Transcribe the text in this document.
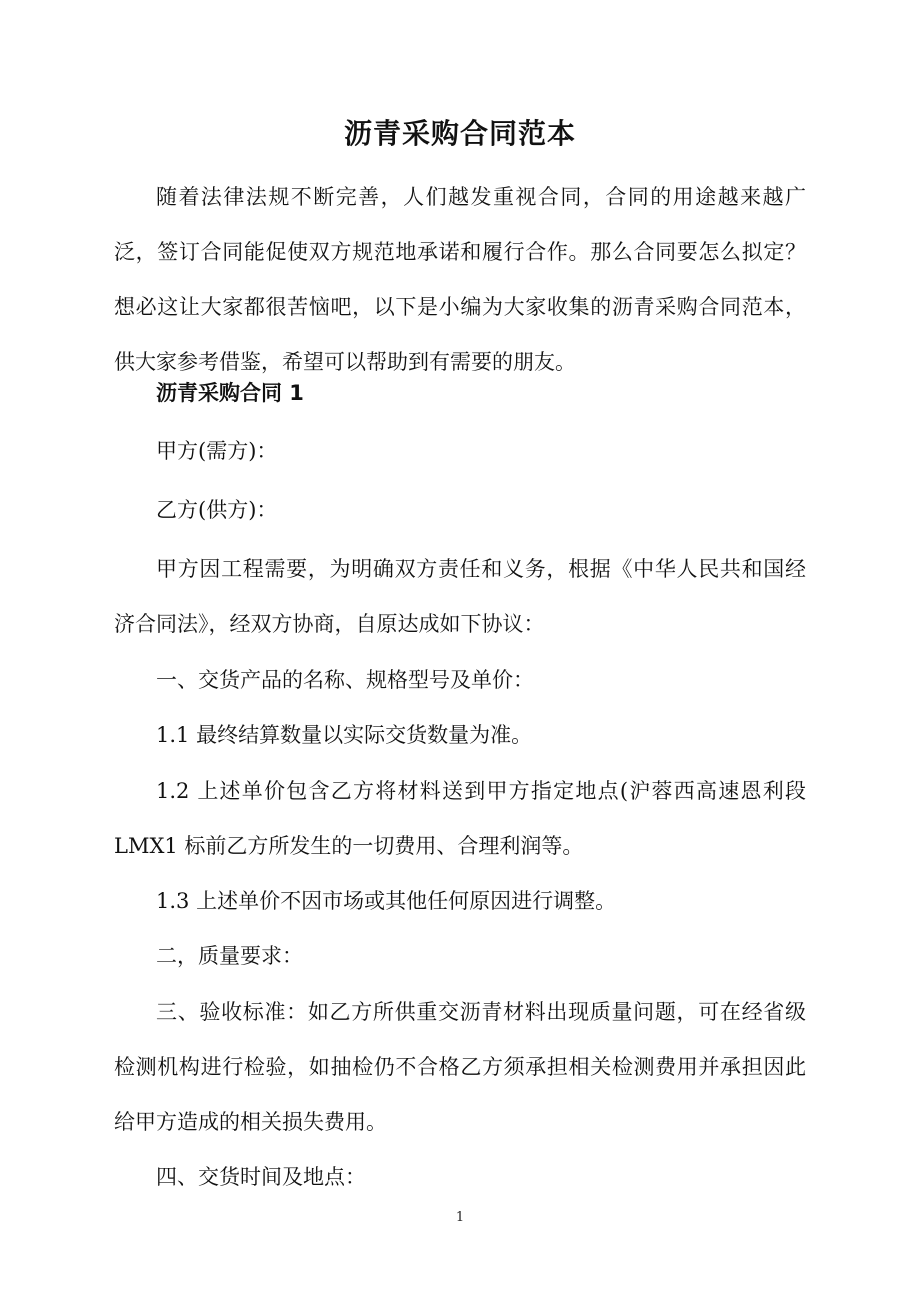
沥青采购合同范本

随着法律法规不断完善，人们越发重视合同，合同的用途越来越广泛，签订合同能促使双方规范地承诺和履行合作。那么合同要怎么拟定？想必这让大家都很苦恼吧，以下是小编为大家收集的沥青采购合同范本，供大家参考借鉴，希望可以帮助到有需要的朋友。

沥青采购合同 1

甲方(需方)：

乙方(供方)：

甲方因工程需要，为明确双方责任和义务，根据《中华人民共和国经济合同法》，经双方协商，自原达成如下协议：

一、交货产品的名称、规格型号及单价：

1.1 最终结算数量以实际交货数量为准。

1.2 上述单价包含乙方将材料送到甲方指定地点(沪蓉西高速恩利段 LMX1 标前乙方所发生的一切费用、合理利润等。

1.3 上述单价不因市场或其他任何原因进行调整。

二，质量要求：

三、验收标准：如乙方所供重交沥青材料出现质量问题，可在经省级检测机构进行检验，如抽检仍不合格乙方须承担相关检测费用并承担因此给甲方造成的相关损失费用。

四、交货时间及地点：

1
